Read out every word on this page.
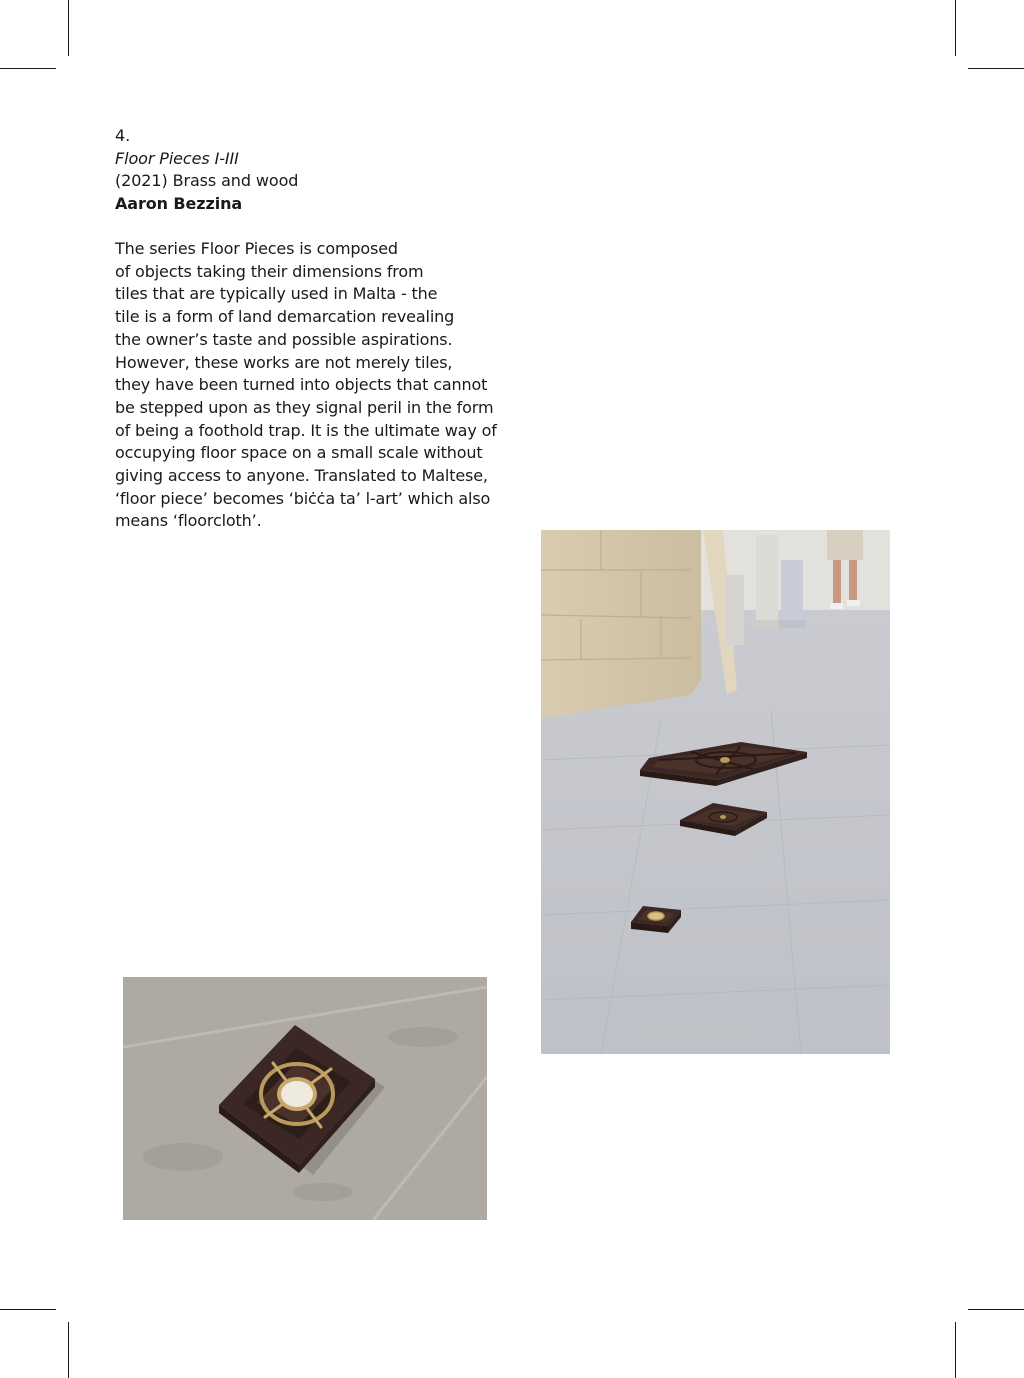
4.
Floor Pieces I-III
(2021) Brass and wood
Aaron Bezzina
The series Floor Pieces is composed
of objects taking their dimensions from
tiles that are typically used in Malta - the
tile is a form of land demarcation revealing
the owner’s taste and possible aspirations.
However, these works are not merely tiles,
they have been turned into objects that cannot
be stepped upon as they signal peril in the form
of being a foothold trap. It is the ultimate way of
occupying floor space on a small scale without
giving access to anyone. Translated to Maltese,
‘floor piece’ becomes ‘biċċa ta’ l-art’ which also
means ‘floorcloth’.
